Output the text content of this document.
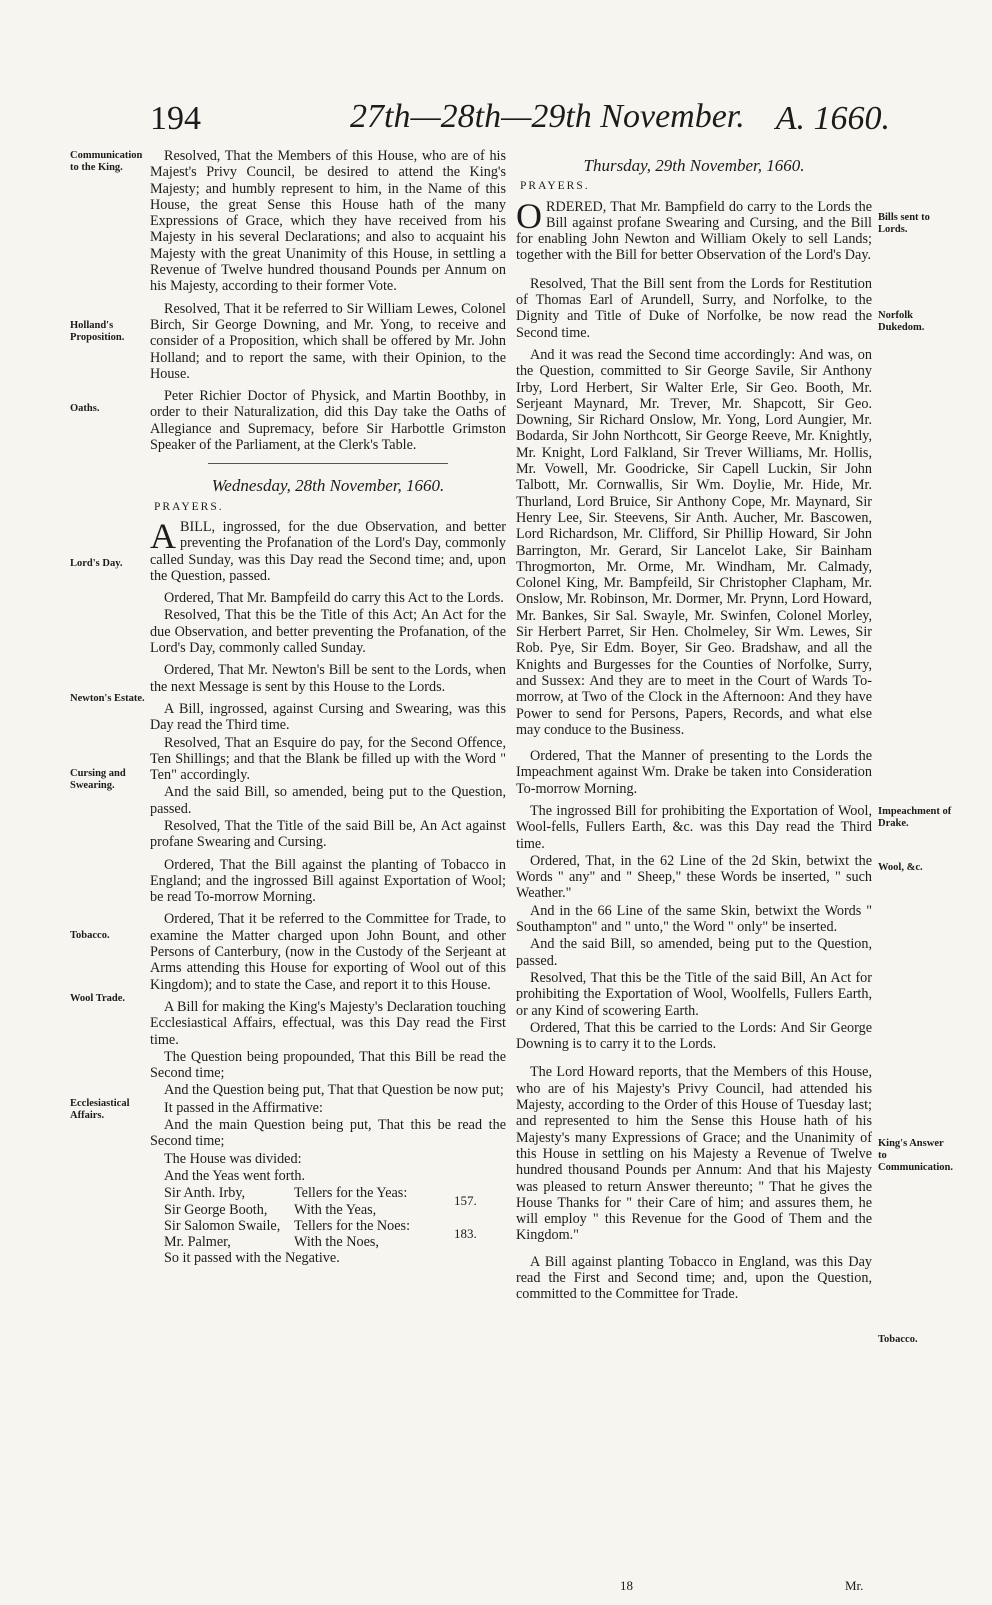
194	27th—28th—29th November. A. 1660.
Communication to the King.
Holland's Proposition.
Oaths.
Lord's Day.
Newton's Estate.
Cursing and Swearing.
Tobacco.
Wool Trade.
Ecclesiastical Affairs.
Bills sent to Lords.
Norfolk Dukedom.
Impeachment of Drake.
Wool, &c.
King's Answer to Communication.
Tobacco.

Resolved, That the Members of this House, who are of his Majest's Privy Council, be desired to attend the King's Majesty; and humbly represent to him, in the Name of this House, the great Sense this House hath of the many Expressions of Grace, which they have received from his Majesty in his several Declarations; and also to acquaint his Majesty with the great Unanimity of this House, in settling a Revenue of Twelve hundred thousand Pounds per Annum on his Majesty, according to their former Vote.

Resolved, That it be referred to Sir William Lewes, Colonel Birch, Sir George Downing, and Mr. Yong, to receive and consider of a Proposition, which shall be offered by Mr. John Holland; and to report the same, with their Opinion, to the House.

Peter Richier Doctor of Physick, and Martin Boothby, in order to their Naturalization, did this Day take the Oaths of Allegiance and Supremacy, before Sir Harbottle Grimston Speaker of the Parliament, at the Clerk's Table.

Wednesday, 28th November, 1660.
PRAYERS.

ABILL, ingrossed, for the due Observation, and better preventing the Profanation of the Lord's Day, commonly called Sunday, was this Day read the Second time; and, upon the Question, passed.

Ordered, That Mr. Bampfeild do carry this Act to the Lords.

Resolved, That this be the Title of this Act; An Act for the due Observation, and better preventing the Profanation, of the Lord's Day, commonly called Sunday.

Ordered, That Mr. Newton's Bill be sent to the Lords, when the next Message is sent by this House to the Lords.

A Bill, ingrossed, against Cursing and Swearing, was this Day read the Third time.

Resolved, That an Esquire do pay, for the Second Offence, Ten Shillings; and that the Blank be filled up with the Word " Ten" accordingly.

And the said Bill, so amended, being put to the Question, passed.

Resolved, That the Title of the said Bill be, An Act against profane Swearing and Cursing.

Ordered, That the Bill against the planting of Tobacco in England; and the ingrossed Bill against Exportation of Wool; be read To-morrow Morning.

Ordered, That it be referred to the Committee for Trade, to examine the Matter charged upon John Bount, and other Persons of Canterbury, (now in the Custody of the Serjeant at Arms attending this House for exporting of Wool out of this Kingdom); and to state the Case, and report it to this House.

A Bill for making the King's Majesty's Declaration touching Ecclesiastical Affairs, effectual, was this Day read the First time.

The Question being propounded, That this Bill be read the Second time;

And the Question being put, That that Question be now put;

It passed in the Affirmative:

And the main Question being put, That this be read the Second time;

The House was divided:

And the Yeas went forth.

Sir Anth. Irby,	Tellers for the Yeas:	157.
Sir George Booth,	With the Yeas,
Sir Salomon Swaile, Tellers for the Noes:	183.
Mr. Palmer,	With the Noes,

So it passed with the Negative.

Thursday, 29th November, 1660.
PRAYERS.

ORDERED, That Mr. Bampfield do carry to the Lords the Bill against profane Swearing and Cursing, and the Bill for enabling John Newton and William Okely to sell Lands; together with the Bill for better Observation of the Lord's Day.

Resolved, That the Bill sent from the Lords for Restitution of Thomas Earl of Arundell, Surry, and Norfolke, to the Dignity and Title of Duke of Norfolke, be now read the Second time.

And it was read the Second time accordingly: And was, on the Question, committed to Sir George Savile, Sir Anthony Irby, Lord Herbert, Sir Walter Erle, Sir Geo. Booth, Mr. Serjeant Maynard, Mr. Trever, Mr. Shapcott, Sir Geo. Downing, Sir Richard Onslow, Mr. Yong, Lord Aungier, Mr. Bodarda, Sir John Northcott, Sir George Reeve, Mr. Knightly, Mr. Knight, Lord Falkland, Sir Trever Williams, Mr. Hollis, Mr. Vowell, Mr. Goodricke, Sir Capell Luckin, Sir John Talbott, Mr. Cornwallis, Sir Wm. Doylie, Mr. Hide, Mr. Thurland, Lord Bruice, Sir Anthony Cope, Mr. Maynard, Sir Henry Lee, Sir. Steevens, Sir Anth. Aucher, Mr. Bascowen, Lord Richardson, Mr. Clifford, Sir Phillip Howard, Sir John Barrington, Mr. Gerard, Sir Lancelot Lake, Sir Bainham Throgmorton, Mr. Orme, Mr. Windham, Mr. Calmady, Colonel King, Mr. Bampfeild, Sir Christopher Clapham, Mr. Onslow, Mr. Robinson, Mr. Dormer, Mr. Prynn, Lord Howard, Mr. Bankes, Sir Sal. Swayle, Mr. Swinfen, Colonel Morley, Sir Herbert Parret, Sir Hen. Cholmeley, Sir Wm. Lewes, Sir Rob. Pye, Sir Edm. Boyer, Sir Geo. Bradshaw, and all the Knights and Burgesses for the Counties of Norfolke, Surry, and Sussex: And they are to meet in the Court of Wards To-morrow, at Two of the Clock in the Afternoon: And they have Power to send for Persons, Papers, Records, and what else may conduce to the Business.

Ordered, That the Manner of presenting to the Lords the Impeachment against Wm. Drake be taken into Consideration To-morrow Morning.

The ingrossed Bill for prohibiting the Exportation of Wool, Wool-fells, Fullers Earth, &c. was this Day read the Third time.

Ordered, That, in the 62 Line of the 2d Skin, betwixt the Words " any" and " Sheep," these Words be inserted, " such Weather."

And in the 66 Line of the same Skin, betwixt the Words " Southampton" and " unto," the Word " only" be inserted.

And the said Bill, so amended, being put to the Question, passed.

Resolved, That this be the Title of the said Bill, An Act for prohibiting the Exportation of Wool, Woolfells, Fullers Earth, or any Kind of scowering Earth.

Ordered, That this be carried to the Lords: And Sir George Downing is to carry it to the Lords.

The Lord Howard reports, that the Members of this House, who are of his Majesty's Privy Council, had attended his Majesty, according to the Order of this House of Tuesday last; and represented to him the Sense this House hath of his Majesty's many Expressions of Grace; and the Unanimity of this House in settling on his Majesty a Revenue of Twelve hundred thousand Pounds per Annum: And that his Majesty was pleased to return Answer thereunto; " That he gives the House Thanks for " their Care of him; and assures them, he will employ " this Revenue for the Good of Them and the Kingdom."

A Bill against planting Tobacco in England, was this Day read the First and Second time; and, upon the Question, committed to the Committee for Trade.

18	Mr.
